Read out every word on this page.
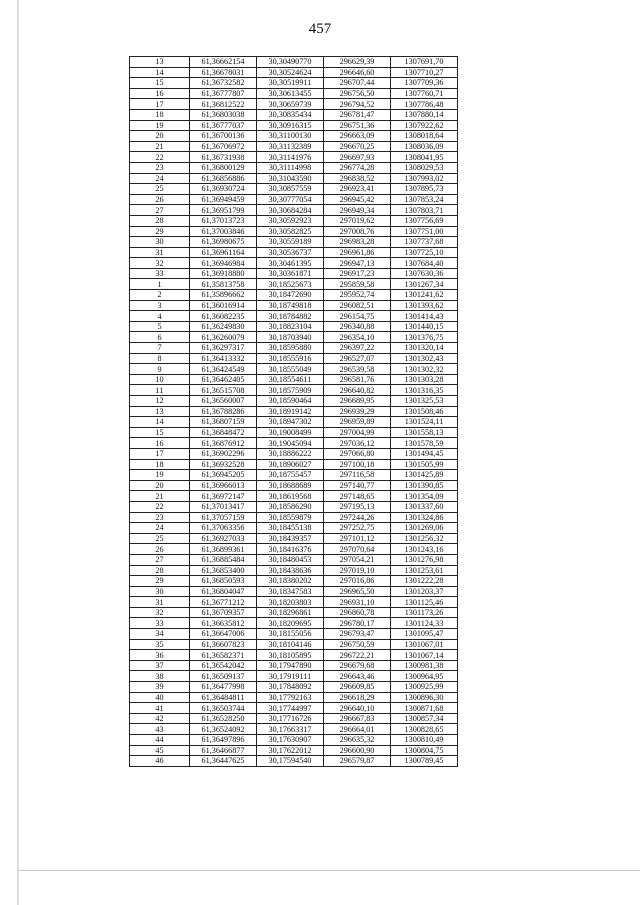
457
13	61,36662154	30,30490770	296629,39	1307691,70
14	61,36678031	30,30524624	296646,60	1307710,27
15	61,36732582	30,30519911	296707,44	1307709,36
16	61,36777807	30,30613455	296756,50	1307760,71
17	61,36812522	30,30659739	296794,52	1307786,48
18	61,36803038	30,30835434	296781,47	1307880,14
19	61,36777037	30,30916315	296751,36	1307922,62
20	61,36700136	30,31100130	296663,09	1308018,64
21	61,36706972	30,31132389	296670,25	1308036,09
22	61,36731938	30,31141976	296697,93	1308041,95
23	61,36800129	30,31114998	296774,28	1308029,53
24	61,36856886	30,31043590	296838,52	1307993,02
25	61,36930724	30,30857559	296923,41	1307895,73
26	61,36949459	30,30777054	296945,42	1307853,24
27	61,36951799	30,30684284	296949,34	1307803,71
28	61,37013723	30,30592923	297019,62	1307756,69
29	61,37003846	30,30582825	297008,76	1307751,00
30	61,36980675	30,30559189	296983,28	1307737,68
31	61,36961164	30,30536737	296961,86	1307725,10
32	61,36946984	30,30461395	296947,13	1307684,40
33	61,36918880	30,30361871	296917,23	1307630,36
1	61,35813758	30,18525673	295859,58	1301267,34
2	61,35896662	30,18472690	295952,74	1301241,62
3	61,36016914	30,18749818	296082,51	1301393,62
4	61,36082235	30,18784882	296154,75	1301414,43
5	61,36249830	30,18823104	296340,88	1301440,15
6	61,36260079	30,18703940	296354,10	1301376,75
7	61,36297317	30,18595880	296397,22	1301320,14
8	61,36413332	30,18555916	296527,07	1301302,43
9	61,36424549	30,18555049	296539,58	1301302,32
10	61,36462405	30,18554611	296581,76	1301303,28
11	61,36515708	30,18575909	296640,82	1301316,35
12	61,36560007	30,18590464	296689,95	1301325,53
13	61,36788286	30,18919142	296939,29	1301508,46
14	61,36807159	30,18947302	296959,89	1301524,11
15	61,36848472	30,19008499	297004,99	1301558,13
16	61,36876912	30,19045094	297036,12	1301578,59
17	61,36902296	30,18886222	297066,80	1301494,45
18	61,36932528	30,18906027	297100,18	1301505,99
19	61,36945205	30,18755457	297116,58	1301425,89
20	61,36966013	30,18688689	297140,77	1301390,85
21	61,36972147	30,18619568	297148,65	1301354,09
22	61,37013417	30,18586290	297195,13	1301337,60
23	61,37057159	30,18559879	297244,26	1301324,86
24	61,37063356	30,18455138	297252,75	1301269,06
25	61,36927033	30,18439357	297101,12	1301256,32
26	61,36899361	30,18416376	297070,64	1301243,16
27	61,36885484	30,18480453	297054,21	1301276,98
28	61,36853400	30,18438636	297019,10	1301253,61
29	61,36850593	30,18380202	297016,86	1301222,28
30	61,36804047	30,18347583	296965,50	1301203,37
31	61,36771212	30,18203803	296931,10	1301125,46
32	61,36709357	30,18296861	296860,78	1301173,26
33	61,36635812	30,18209695	296780,17	1301124,33
34	61,36647006	30,18155056	296793,47	1301095,47
35	61,36607823	30,18104146	296750,59	1301067,01
36	61,36582371	30,18105895	296722,21	1301067,14
37	61,36542042	30,17947890	296679,68	1300981,38
38	61,36509137	30,17919111	296643,46	1300964,95
39	61,36477998	30,17848092	296609,85	1300925,99
40	61,36484811	30,17792163	296618,29	1300896,30
41	61,36503744	30,17744997	296640,10	1300871,68
42	61,36528250	30,17716726	296667,83	1300857,34
43	61,36524092	30,17663317	296664,01	1300828,65
44	61,36497896	30,17630907	296635,32	1300810,49
45	61,36466877	30,17622012	296600,90	1300804,75
46	61,36447625	30,17594540	296579,87	1300789,45
